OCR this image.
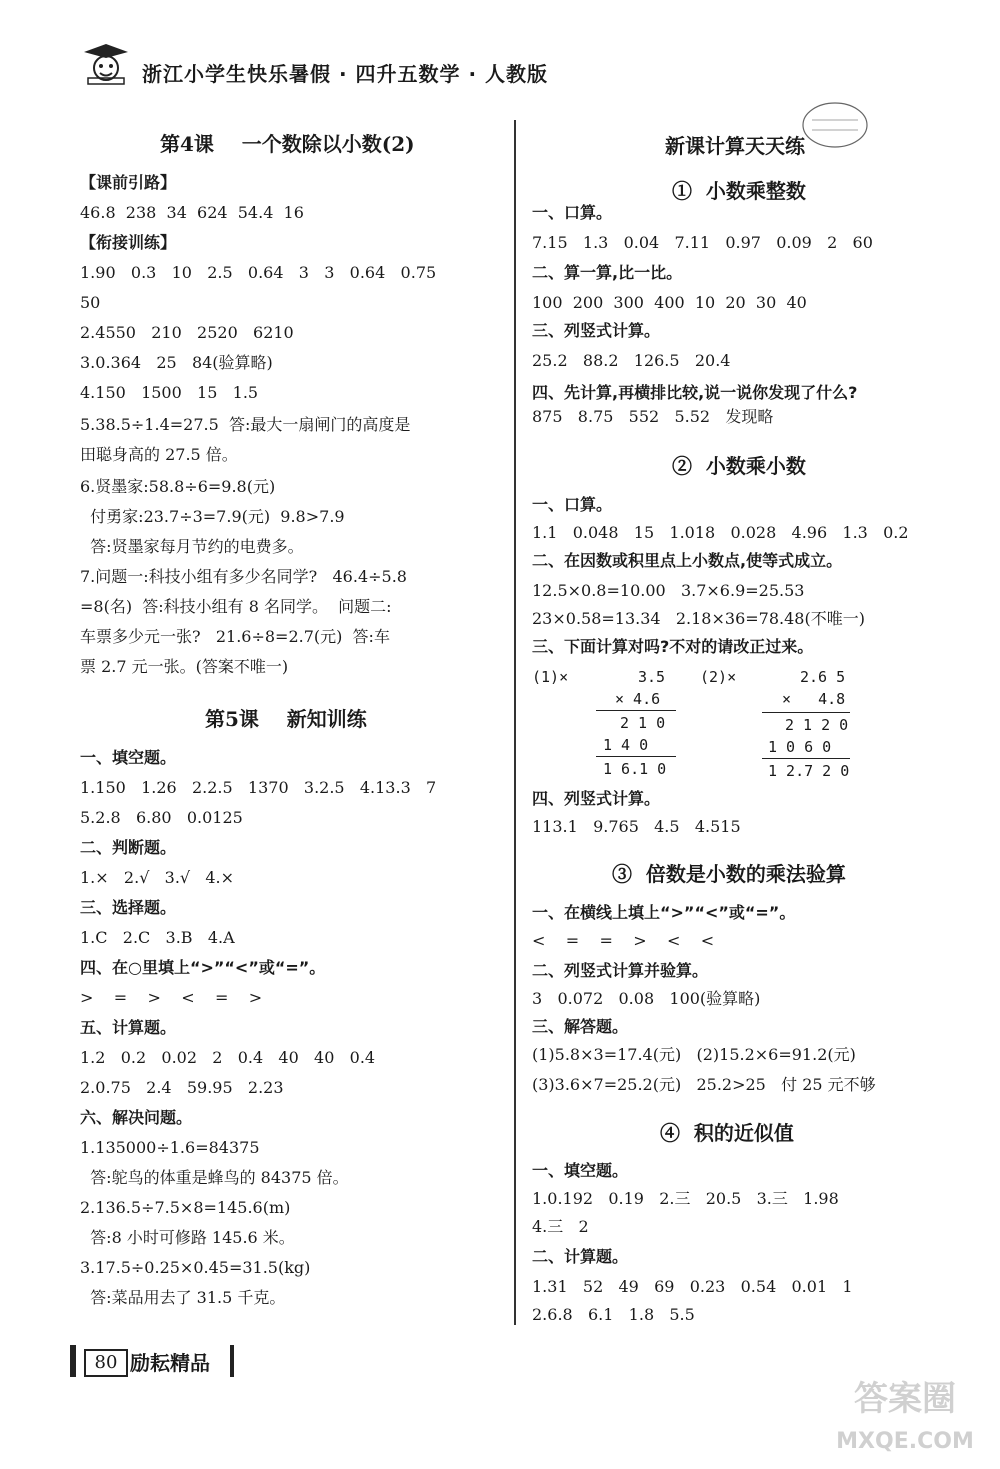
浙江小学生快乐暑假 · 四升五数学 · 人教版
第4课    一个数除以小数(2)
【课前引路】
46.8  238  34  624  54.4  16
【衔接训练】
1.90   0.3   10   2.5   0.64   3   3   0.64   0.75
50
2.4550   210   2520   6210
3.0.364   25   84(验算略)
4.150   1500   15   1.5
5.38.5÷1.4=27.5  答:最大一扇闸门的高度是
田聪身高的 27.5 倍。
6.贤墨家:58.8÷6=9.8(元)
付勇家:23.7÷3=7.9(元)  9.8>7.9
答:贤墨家每月节约的电费多。
7.问题一:科技小组有多少名同学?   46.4÷5.8
=8(名)  答:科技小组有 8 名同学。  问题二:
车票多少元一张?   21.6÷8=2.7(元)  答:车
票 2.7 元一张。(答案不唯一)
第5课    新知训练
一、填空题。
1.150   1.26   2.2.5   1370   3.2.5   4.13.3   7
5.2.8   6.80   0.0125
二、判断题。
1.×   2.√   3.√   4.×
三、选择题。
1.C   2.C   3.B   4.A
四、在○里填上“>”“<”或“=”。
>    =    >    <    =    >
五、计算题。
1.2   0.2   0.02   2   0.4   40   40   0.4
2.0.75   2.4   59.95   2.23
六、解决问题。
1.135000÷1.6=84375
答:鸵鸟的体重是蜂鸟的 84375 倍。
2.136.5÷7.5×8=145.6(m)
答:8 小时可修路 145.6 米。
3.17.5÷0.25×0.45=31.5(kg)
答:菜品用去了 31.5 千克。
新课计算天天练
①  小数乘整数
一、口算。
7.15   1.3   0.04   7.11   0.97   0.09   2   60
二、算一算,比一比。
100  200  300  400  10  20  30  40
三、列竖式计算。
25.2   88.2   126.5   20.4
四、先计算,再横排比较,说一说你发现了什么?
875   8.75   552   5.52   发现略
②  小数乘小数
一、口算。
1.1   0.048   15   1.018   0.028   4.96   1.3   0.2
二、在因数或积里点上小数点,使等式成立。
12.5×0.8=10.00   3.7×6.9=25.53
23×0.58=13.34   2.18×36=78.48(不唯一)
三、下面计算对吗?不对的请改正过来。
(1)×	3.5
× 4.6
2 1 0
1 4 0
1 6.1 0
(2)×	2.6 5
×   4.8
2 1 2 0
1 0 6 0
1 2.7 2 0
四、列竖式计算。
113.1   9.765   4.5   4.515
③  倍数是小数的乘法验算
一、在横线上填上“>”“<”或“=”。
<    =    =    >    <    <
二、列竖式计算并验算。
3   0.072   0.08   100(验算略)
三、解答题。
(1)5.8×3=17.4(元)   (2)15.2×6=91.2(元)
(3)3.6×7=25.2(元)   25.2>25   付 25 元不够
④  积的近似值
一、填空题。
1.0.192   0.19   2.三   20.5   3.三   1.98
4.三   2
二、计算题。
1.31   52   49   69   0.23   0.54   0.01   1
2.6.8   6.1   1.8   5.5
80 励耘精品
答案圈
MXQE.COM
